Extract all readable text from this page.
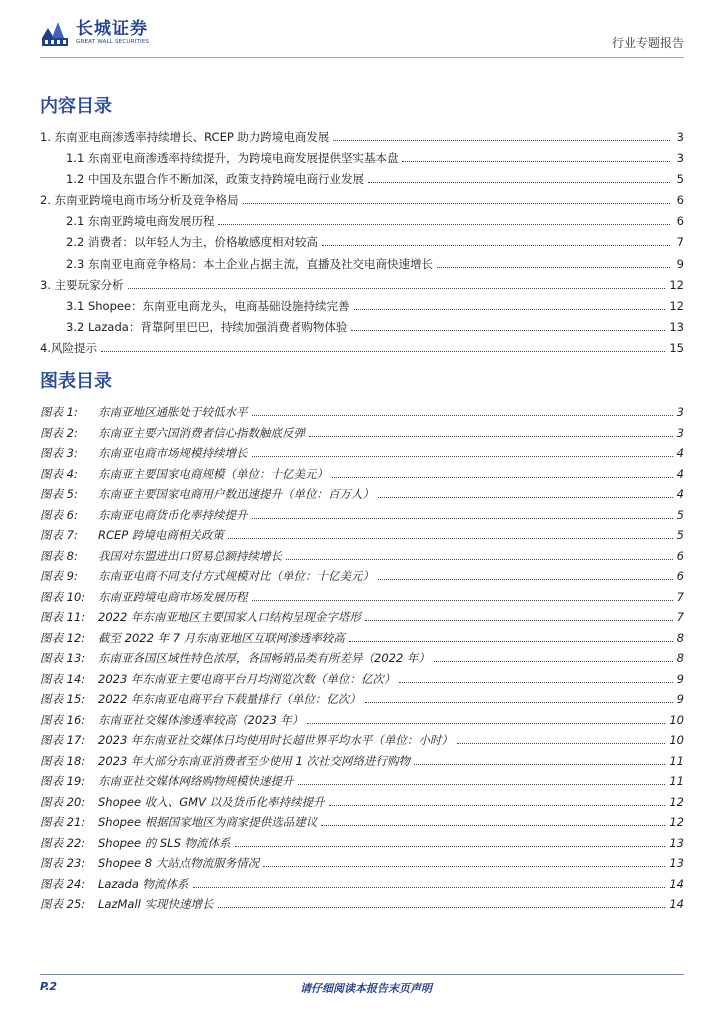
长城证券
GREAT WALL SECURITIES	行业专题报告
内容目录
1. 东南亚电商渗透率持续增长、RCEP 助力跨境电商发展	3
1.1 东南亚电商渗透率持续提升，为跨境电商发展提供坚实基本盘	3
1.2 中国及东盟合作不断加深，政策支持跨境电商行业发展	5
2. 东南亚跨境电商市场分析及竞争格局	6
2.1 东南亚跨境电商发展历程	6
2.2 消费者：以年轻人为主，价格敏感度相对较高	7
2.3 东南亚电商竞争格局：本土企业占据主流，直播及社交电商快速增长	9
3. 主要玩家分析	12
3.1 Shopee：东南亚电商龙头，电商基础设施持续完善	12
3.2 Lazada：背靠阿里巴巴，持续加强消费者购物体验	13
4.风险提示	15
图表目录
图表 1:	东南亚地区通胀处于较低水平	3
图表 2:	东南亚主要六国消费者信心指数触底反弹	3
图表 3:	东南亚电商市场规模持续增长	4
图表 4:	东南亚主要国家电商规模（单位：十亿美元）	4
图表 5:	东南亚主要国家电商用户数迅速提升（单位：百万人）	4
图表 6:	东南亚电商货币化率持续提升	5
图表 7:	RCEP 跨境电商相关政策	5
图表 8:	我国对东盟进出口贸易总额持续增长	6
图表 9:	东南亚电商不同支付方式规模对比（单位：十亿美元）	6
图表 10:	东南亚跨境电商市场发展历程	7
图表 11:	2022 年东南亚地区主要国家人口结构呈现金字塔形	7
图表 12:	截至 2022 年 7 月东南亚地区互联网渗透率较高	8
图表 13:	东南亚各国区域性特色浓厚，各国畅销品类有所差异（2022 年）	8
图表 14:	2023 年东南亚主要电商平台月均浏览次数（单位：亿次）	9
图表 15:	2022 年东南亚电商平台下载量排行（单位：亿次）	9
图表 16:	东南亚社交媒体渗透率较高（2023 年）	10
图表 17:	2023 年东南亚社交媒体日均使用时长超世界平均水平（单位：小时）	10
图表 18:	2023 年大部分东南亚消费者至少使用 1 次社交网络进行购物	11
图表 19:	东南亚社交媒体网络购物规模快速提升	11
图表 20:	Shopee 收入、GMV 以及货币化率持续提升	12
图表 21:	Shopee 根据国家地区为商家提供选品建议	12
图表 22:	Shopee 的 SLS 物流体系	13
图表 23:	Shopee 8 大站点物流服务情况	13
图表 24:	Lazada 物流体系	14
图表 25:	LazMall 实现快速增长	14
P.2	请仔细阅读本报告末页声明
